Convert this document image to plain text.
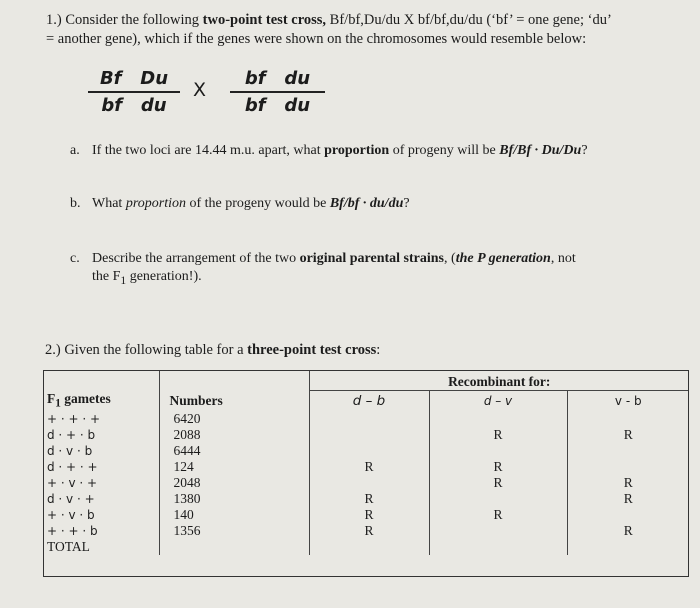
1.) Consider the following two-point test cross, Bf/bf,Du/du X bf/bf,du/du (‘bf’ = one gene; ‘du’
= another gene), which if the genes were shown on the chromosomes would resemble below:
Bf   Du
bf   du
X
bf   du
bf   du
a. If the two loci are 14.44 m.u. apart, what proportion of progeny will be Bf/Bf · Du/Du?
b. What proportion of the progeny would be Bf/bf · du/du?
c. Describe the arrangement of the two original parental strains, (the P generation, not
the $F_1$ generation!).
2.) Given the following table for a three-point test cross:
		Recombinant for:		
$F_1$ gametes	Numbers	d – b	d – v	v - b
+ · + · +	6420			
d · + · b	2088		R	R
d · v · b	6444			
d · + · +	124	R	R	
+ · v · +	2048		R	R
d · v · +	1380	R		R
+ · v · b	140	R	R	
+ · + · b	1356	R		R
TOTAL				
